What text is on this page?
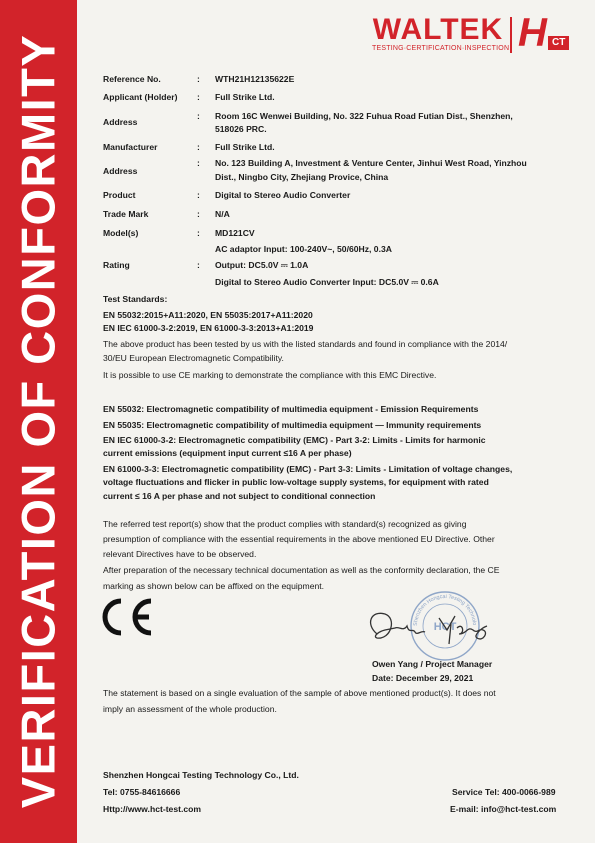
VERIFICATION OF CONFORMITY
WALTEK
TESTING·CERTIFICATION·INSPECTION H CT
Reference No.	: WTH21H12135622E
Applicant (Holder) : Full Strike Ltd.
Address
: Room 16C Wenwei Building, No. 322 Fuhua Road Futian Dist., Shenzhen,
518026 PRC.
Manufacturer	: Full Strike Ltd.
Address
: No. 123 Building A, Investment & Venture Center, Jinhui West Road, Yinzhou
Dist., Ningbo City, Zhejiang Provice, China
Product	: Digital to Stereo Audio Converter
Trade Mark	: N/A
Model(s)	: MD121CV
AC adaptor Input: 100-240V~, 50/60Hz, 0.3A
Rating	: Output: DC5.0V ⎓ 1.0A
Digital to Stereo Audio Converter Input: DC5.0V ⎓ 0.6A
Test Standards:
EN 55032:2015+A11:2020, EN 55035:2017+A11:2020
EN IEC 61000-3-2:2019, EN 61000-3-3:2013+A1:2019
The above product has been tested by us with the listed standards and found in compliance with the 2014/
30/EU European Electromagnetic Compatibility.
It is possible to use CE marking to demonstrate the compliance with this EMC Directive.
EN 55032: Electromagnetic compatibility of multimedia equipment - Emission Requirements
EN 55035: Electromagnetic compatibility of multimedia equipment — Immunity requirements
EN IEC 61000-3-2: Electromagnetic compatibility (EMC) - Part 3-2: Limits - Limits for harmonic
current emissions (equipment input current ≤16 A per phase)
EN 61000-3-3: Electromagnetic compatibility (EMC) - Part 3-3: Limits - Limitation of voltage changes,
voltage fluctuations and flicker in public low-voltage supply systems, for equipment with rated
current ≤ 16 A per phase and not subject to conditional connection
The referred test report(s) show that the product complies with standard(s) recognized as giving
presumption of compliance with the essential requirements in the above mentioned EU Directive. Other
relevant Directives have to be observed.
After preparation of the necessary technical documentation as well as the conformity declaration, the CE
marking as shown below can be affixed on the equipment.
Shenzhen Hongcai Testing Technolo
HCT
Owen Yang / Project Manager
Date: December 29, 2021
The statement is based on a single evaluation of the sample of above mentioned product(s). It does not
imply an assessment of the whole production.
Shenzhen Hongcai Testing Technology Co., Ltd.
Tel: 0755-84616666	Service Tel: 400-0066-989
Http://www.hct-test.com	E-mail: info@hct-test.com
